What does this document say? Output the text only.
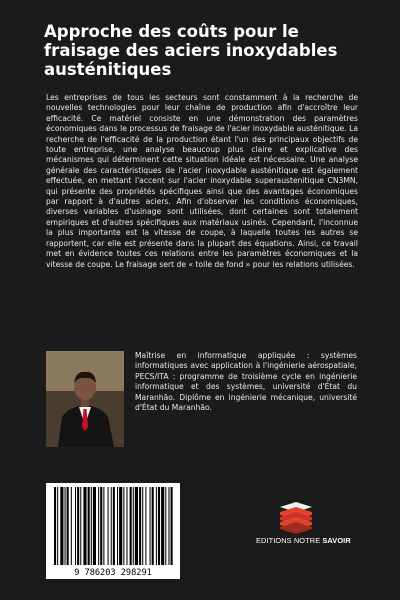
Approche des coûts pour le fraisage des aciers inoxydables austénitiques

Les entreprises de tous les secteurs sont constamment à la recherche de nouvelles technologies pour leur chaîne de production afin d'accroître leur efficacité. Ce matériel consiste en une démonstration des paramètres économiques dans le processus de fraisage de l'acier inoxydable austénitique. La recherche de l'efficacité de la production étant l'un des principaux objectifs de toute entreprise, une analyse beaucoup plus claire et explicative des mécanismes qui déterminent cette situation idéale est nécessaire. Une analyse générale des caractéristiques de l'acier inoxydable austénitique est également effectuée, en mettant l'accent sur l'acier inoxydable superaustenitique CN3MN, qui présente des propriétés spécifiques ainsi que des avantages économiques par rapport à d'autres aciers. Afin d'observer les conditions économiques, diverses variables d'usinage sont utilisées, dont certaines sont totalement empiriques et d'autres spécifiques aux matériaux usinés. Cependant, l'inconnue la plus importante est la vitesse de coupe, à laquelle toutes les autres se rapportent, car elle est présente dans la plupart des équations. Ainsi, ce travail met en évidence toutes ces relations entre les paramètres économiques et la vitesse de coupe. Le fraisage sert de « toile de fond » pour les relations utilisées.

Maîtrise en informatique appliquée : systèmes informatiques avec application à l'ingénierie aérospatiale, PECS/ITA : programme de troisième cycle en ingénierie informatique et des systèmes, université d'État du Maranhão. Diplôme en ingénierie mécanique, université d'État du Maranhão.

9 786203 298291
EDITIONS NOTRE SAVOIR
